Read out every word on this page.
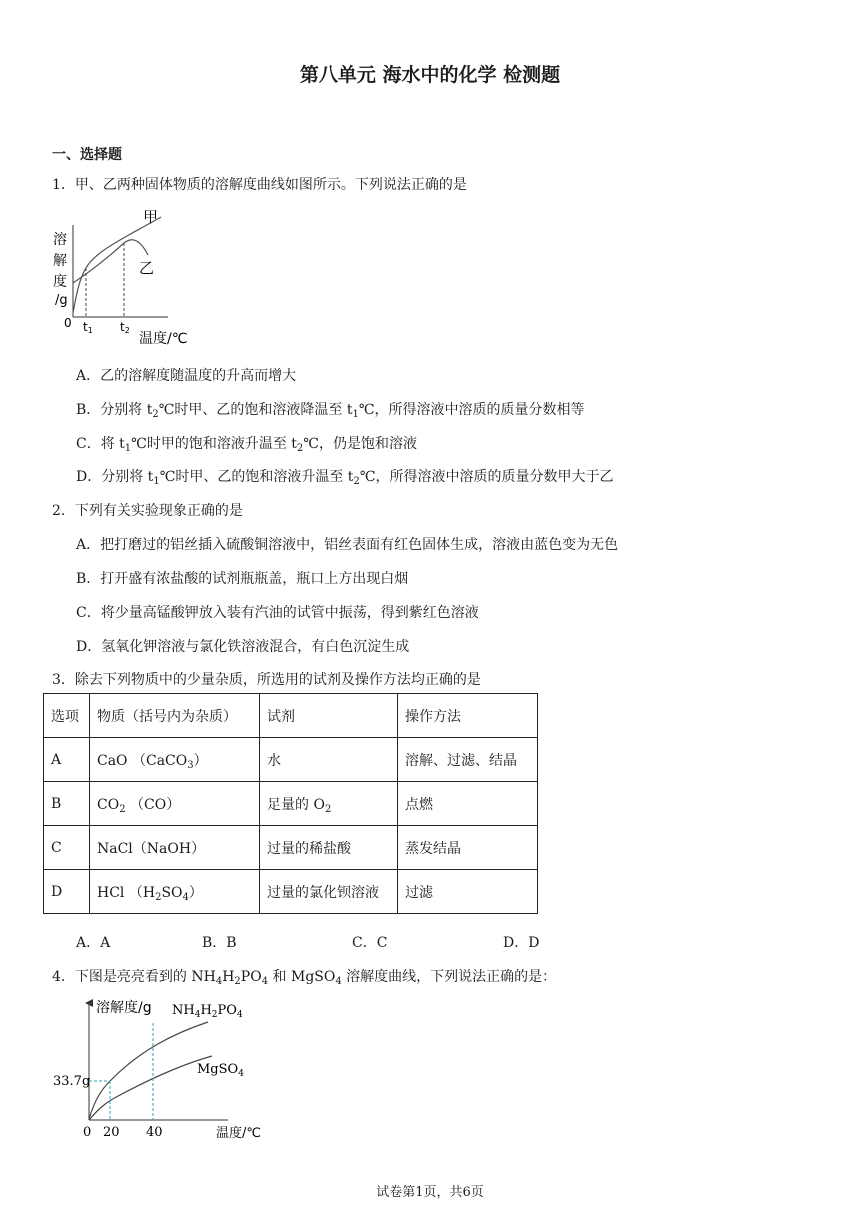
第八单元 海水中的化学 检测题
一、选择题
1．甲、乙两种固体物质的溶解度曲线如图所示。下列说法正确的是
溶
解
度
/g
甲
乙
0 t1 t2
温度/℃
A．乙的溶解度随温度的升高而增大
B．分别将 $t_2℃$时甲、乙的饱和溶液降温至 $t_1℃$，所得溶液中溶质的质量分数相等
C．将 $t_1℃$时甲的饱和溶液升温至 $t_2℃$，仍是饱和溶液
D．分别将 $t_1℃$时甲、乙的饱和溶液升温至 $t_2℃$，所得溶液中溶质的质量分数甲大于乙
2．下列有关实验现象正确的是
A．把打磨过的铝丝插入硫酸铜溶液中，铝丝表面有红色固体生成，溶液由蓝色变为无色
B．打开盛有浓盐酸的试剂瓶瓶盖，瓶口上方出现白烟
C．将少量高锰酸钾放入装有汽油的试管中振荡，得到紫红色溶液
D．氢氧化钾溶液与氯化铁溶液混合，有白色沉淀生成
3．除去下列物质中的少量杂质，所选用的试剂及操作方法均正确的是
选项	物质（括号内为杂质）	试剂	操作方法
A	CaO （CaCO$_3$）	水	溶解、过滤、结晶
B	$CO_2$ （CO）	足量的 $O_2$	点燃
C	NaCl（NaOH）	过量的稀盐酸	蒸发结晶
D	HCl $(H_2SO_4)$	过量的氯化钡溶液	过滤
A．A	B．B	C．C	D．D
4．下图是亮亮看到的 $NH_4H_2PO_4$ 和 MgSO$_4$ 溶解度曲线，下列说法正确的是：
溶解度/g
33.7g
0 20 40	温度/℃
$NH_4H_2PO_4$
MgSO$_4$
试卷第1页，共6页
